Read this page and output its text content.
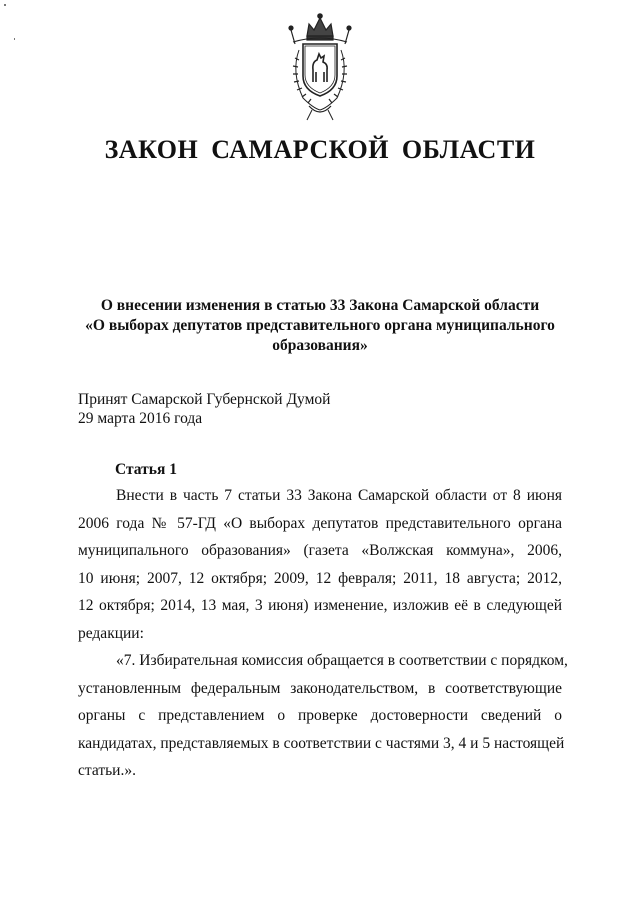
ЗАКОН САМАРСКОЙ ОБЛАСТИ
О внесении изменения в статью 33 Закона Самарской области
«О выборах депутатов представительного органа муниципального
образования»
Принят Самарской Губернской Думой
29 марта 2016 года
Статья 1
Внести в часть 7 статьи 33 Закона Самарской области от 8 июня
2006 года № 57-ГД «О выборах депутатов представительного органа
муниципального образования» (газета «Волжская коммуна», 2006,
10 июня; 2007, 12 октября; 2009, 12 февраля; 2011, 18 августа; 2012,
12 октября; 2014, 13 мая, 3 июня) изменение, изложив её в следующей
редакции:
«7. Избирательная комиссия обращается в соответствии с порядком,
установленным федеральным законодательством, в соответствующие
органы с представлением о проверке достоверности сведений о
кандидатах, представляемых в соответствии с частями 3, 4 и 5 настоящей
статьи.».
